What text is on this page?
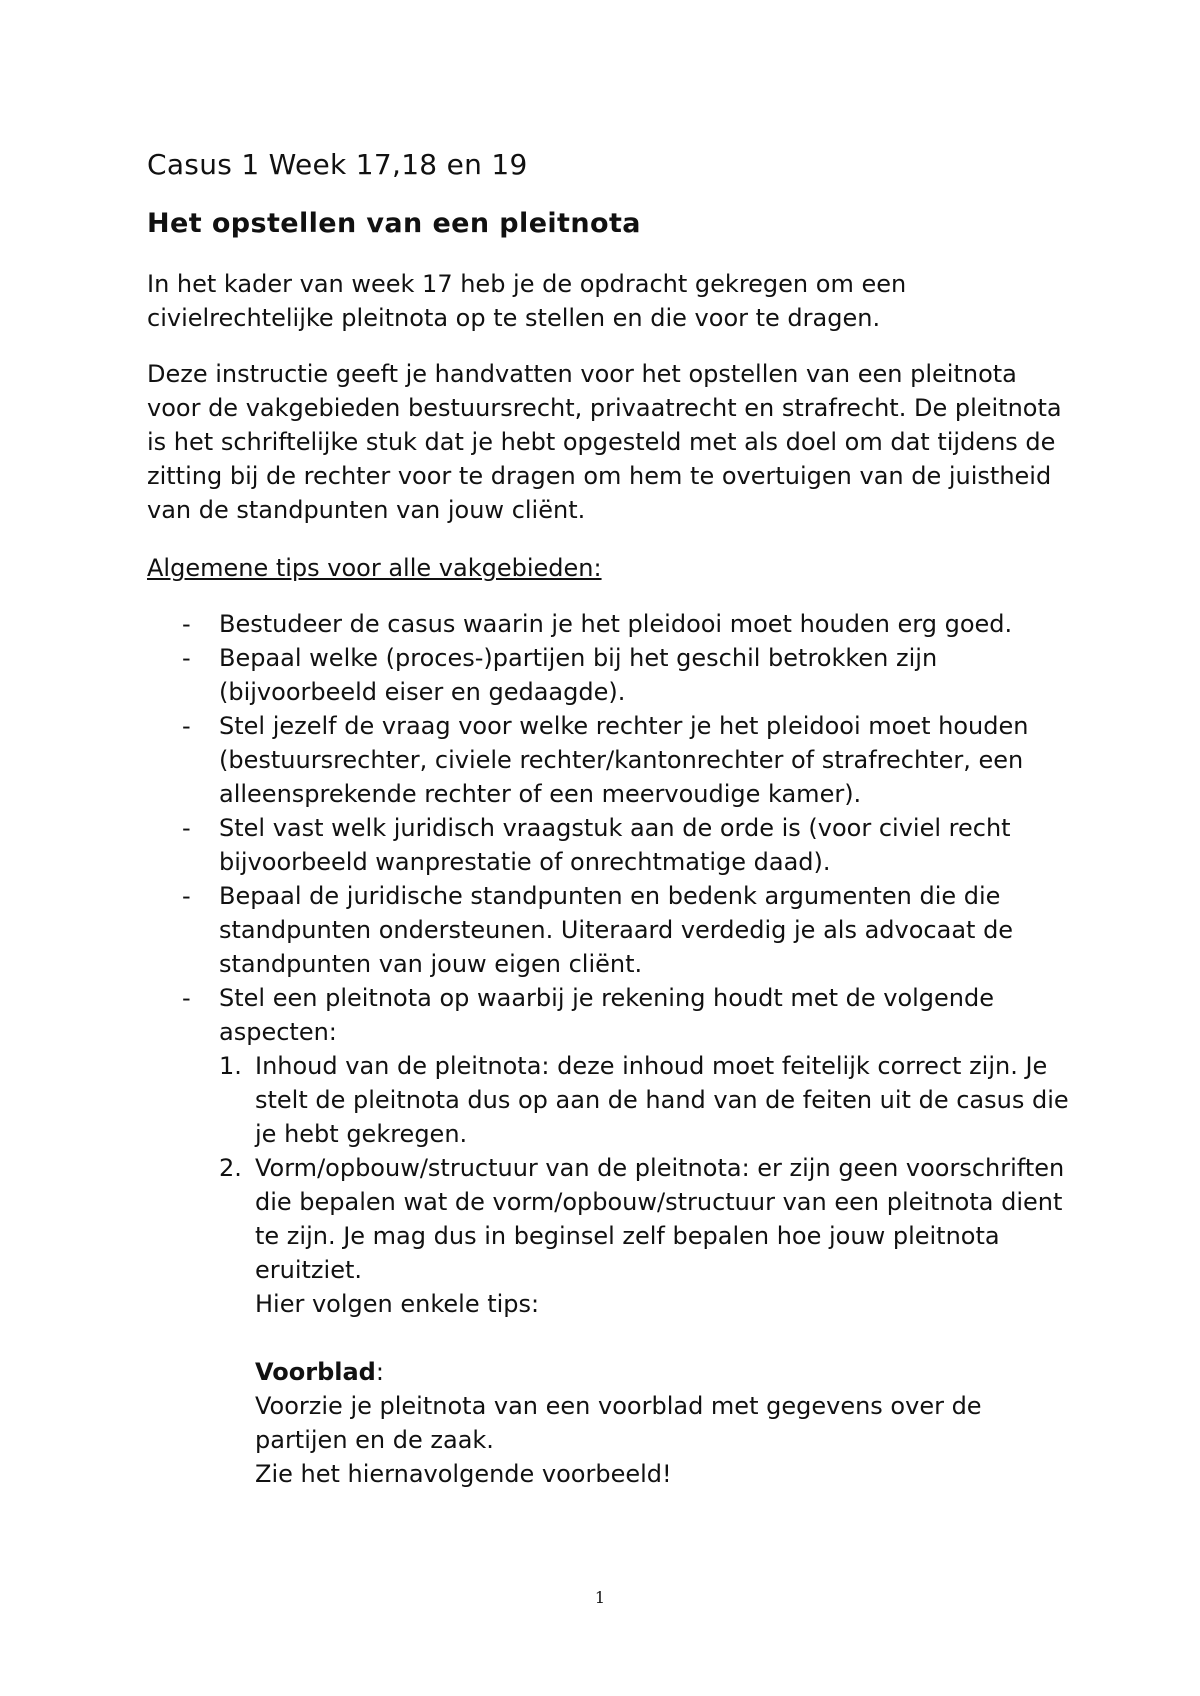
Casus 1 Week 17,18 en 19
Het opstellen van een pleitnota

In het kader van week 17 heb je de opdracht gekregen om een civielrechtelijke pleitnota op te stellen en die voor te dragen.

Deze instructie geeft je handvatten voor het opstellen van een pleitnota voor de vakgebieden bestuursrecht, privaatrecht en strafrecht. De pleitnota is het schriftelijke stuk dat je hebt opgesteld met als doel om dat tijdens de zitting bij de rechter voor te dragen om hem te overtuigen van de juistheid van de standpunten van jouw cliënt.

Algemene tips voor alle vakgebieden:

- Bestudeer de casus waarin je het pleidooi moet houden erg goed.
- Bepaal welke (proces-)partijen bij het geschil betrokken zijn (bijvoorbeeld eiser en gedaagde).
- Stel jezelf de vraag voor welke rechter je het pleidooi moet houden (bestuursrechter, civiele rechter/kantonrechter of strafrechter, een alleensprekende rechter of een meervoudige kamer).
- Stel vast welk juridisch vraagstuk aan de orde is (voor civiel recht bijvoorbeeld wanprestatie of onrechtmatige daad).
- Bepaal de juridische standpunten en bedenk argumenten die die standpunten ondersteunen. Uiteraard verdedig je als advocaat de standpunten van jouw eigen cliënt.
- Stel een pleitnota op waarbij je rekening houdt met de volgende aspecten:
1. Inhoud van de pleitnota: deze inhoud moet feitelijk correct zijn. Je stelt de pleitnota dus op aan de hand van de feiten uit de casus die je hebt gekregen.
2. Vorm/opbouw/structuur van de pleitnota: er zijn geen voorschriften die bepalen wat de vorm/opbouw/structuur van een pleitnota dient te zijn. Je mag dus in beginsel zelf bepalen hoe jouw pleitnota eruitziet.
Hier volgen enkele tips:
Voorblad:
Voorzie je pleitnota van een voorblad met gegevens over de partijen en de zaak.
Zie het hiernavolgende voorbeeld!
1
